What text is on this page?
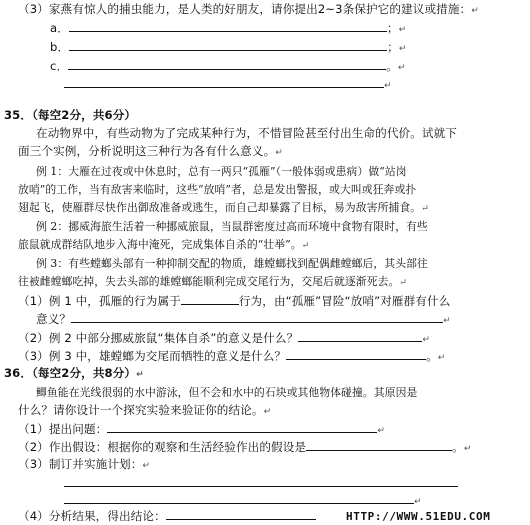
（3）家燕有惊人的捕虫能力，是人类的好朋友，请你提出2~3条保护它的建议或措施：↵
a．	；↵
b．	；↵
c．	。↵
↵
35．（每空2分，共6分）
在动物界中，有些动物为了完成某种行为，不惜冒险甚至付出生命的代价。试就下
面三个实例，分析说明这三种行为各有什么意义。↵
例 1：大雁在过夜或中休息时，总有一两只“孤雁”（一般体弱或患病）做“站岗
放哨”的工作，当有敌害来临时，这些“放哨”者，总是发出警报，或大叫或狂奔或扑
翅起飞，使雁群尽快作出御敌准备或逃生，而自己却暴露了目标，易为敌害所捕食。↵
例 2：挪威海旅生活着一种挪威旅鼠，当鼠群密度过高而环境中食物有限时，有些
旅鼠就成群结队地步入海中淹死，完成集体自杀的“壮举”。↵
例 3：有些螳螂头部有一种抑制交配的物质，雄螳螂找到配偶雌螳螂后，其头部往
往被雌螳螂吃掉，失去头部的雄螳螂能顺利完成交尾行为，交尾后就逐渐死去。↵
（1）例 1 中，孤雁的行为属于	行为，由“孤雁”冒险“放哨”对雁群有什么
意义？	↵
（2）例 2 中部分挪威旅鼠“集体自杀”的意义是什么？	↵
（3）例 3 中，雄螳螂为交尾而牺牲的意义是什么？	。↵
36．（每空2分，共8分）↵
鲫鱼能在光线很弱的水中游泳，但不会和水中的石块或其他物体碰撞。其原因是
什么？请你设计一个探究实验来验证你的结论。↵
（1）提出问题：	↵
（2）作出假设：根据你的观察和生活经验作出的假设是	。↵
（3）制订并实施计划：↵
↵
（4）分析结果，得出结论：	HTTP://WWW.51EDU.COM
